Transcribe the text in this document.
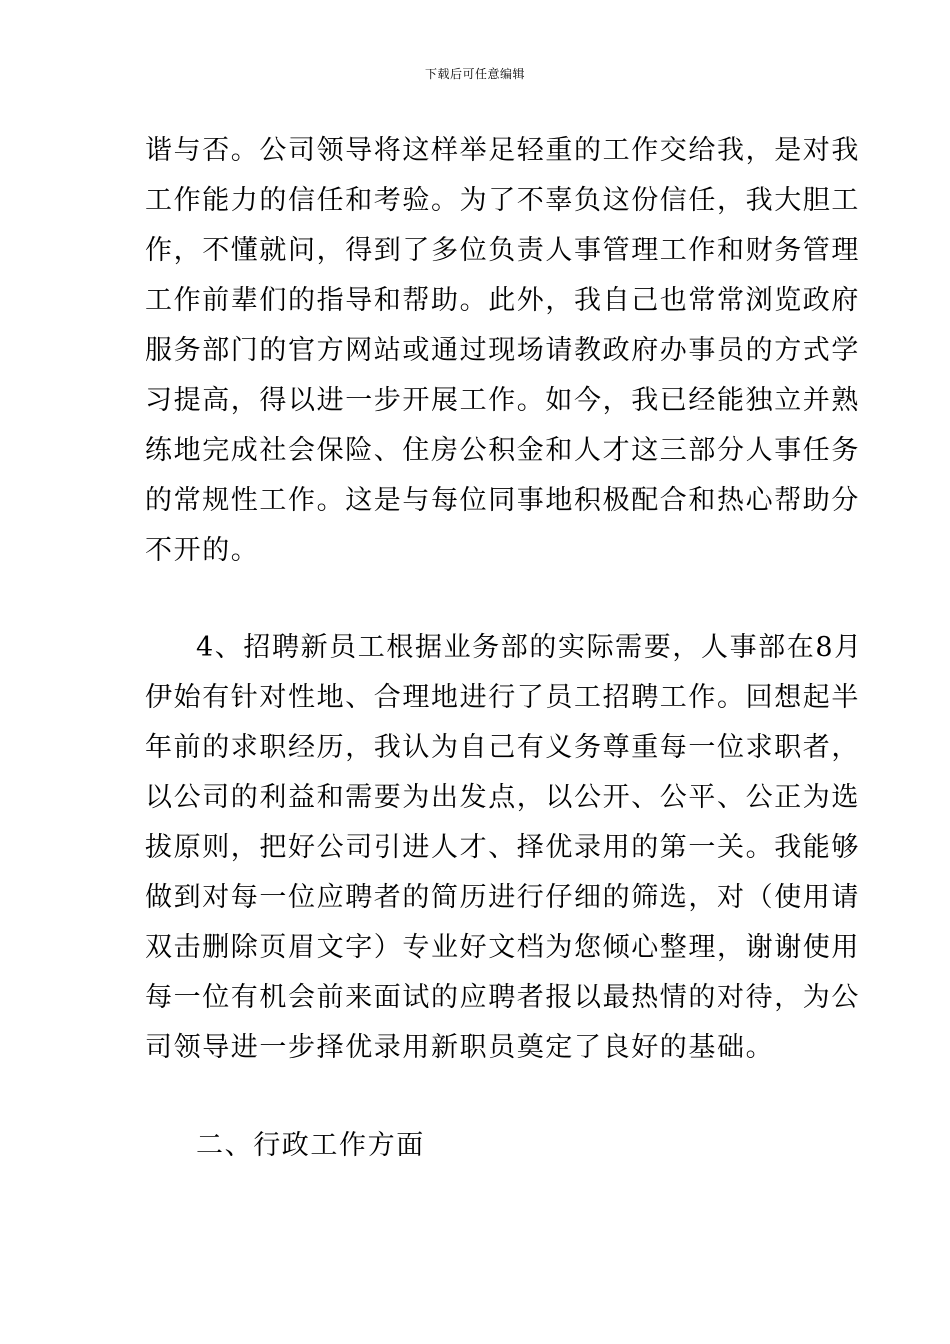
下载后可任意编辑
谐与否。公司领导将这样举足轻重的工作交给我，是对我
工作能力的信任和考验。为了不辜负这份信任，我大胆工
作，不懂就问，得到了多位负责人事管理工作和财务管理
工作前辈们的指导和帮助。此外，我自己也常常浏览政府
服务部门的官方网站或通过现场请教政府办事员的方式学
习提高，得以进一步开展工作。如今，我已经能独立并熟
练地完成社会保险、住房公积金和人才这三部分人事任务
的常规性工作。这是与每位同事地积极配合和热心帮助分
不开的。
4、招聘新员工根据业务部的实际需要，人事部在8月
伊始有针对性地、合理地进行了员工招聘工作。回想起半
年前的求职经历，我认为自己有义务尊重每一位求职者，
以公司的利益和需要为出发点，以公开、公平、公正为选
拔原则，把好公司引进人才、择优录用的第一关。我能够
做到对每一位应聘者的简历进行仔细的筛选，对（使用请
双击删除页眉文字）专业好文档为您倾心整理，谢谢使用
每一位有机会前来面试的应聘者报以最热情的对待，为公
司领导进一步择优录用新职员奠定了良好的基础。
二、行政工作方面
